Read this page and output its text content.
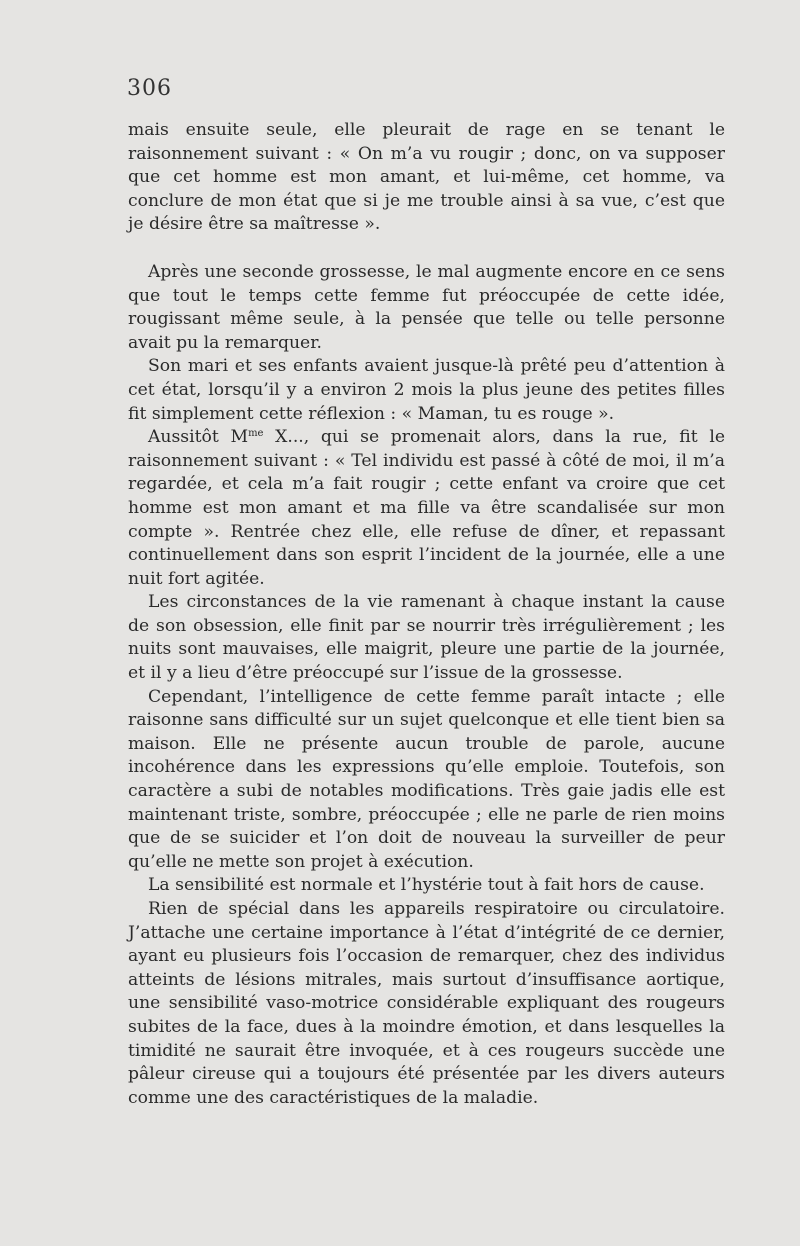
306

mais ensuite seule, elle pleurait de rage en se tenant le raisonnement suivant : « On m’a vu rougir ; donc, on va supposer que cet homme est mon amant, et lui-même, cet homme, va conclure de mon état que si je me trouble ainsi à sa vue, c’est que je désire être sa maîtresse ».

Après une seconde grossesse, le mal augmente encore en ce sens que tout le temps cette femme fut préoccupée de cette idée, rougissant même seule, à la pensée que telle ou telle personne avait pu la remarquer.

Son mari et ses enfants avaient jusque-là prêté peu d’attention à cet état, lorsqu’il y a environ 2 mois la plus jeune des petites filles fit simplement cette réflexion : « Maman, tu es rouge ».

Aussitôt $M^{me}$ X..., qui se promenait alors, dans la rue, fit le raisonnement suivant : « Tel individu est passé à côté de moi, il m’a regardée, et cela m’a fait rougir ; cette enfant va croire que cet homme est mon amant et ma fille va être scandalisée sur mon compte ». Rentrée chez elle, elle refuse de dîner, et repassant continuellement dans son esprit l’incident de la journée, elle a une nuit fort agitée.

Les circonstances de la vie ramenant à chaque instant la cause de son obsession, elle finit par se nourrir très irrégulièrement ; les nuits sont mauvaises, elle maigrit, pleure une partie de la journée, et il y a lieu d’être préoccupé sur l’issue de la grossesse.

Cependant, l’intelligence de cette femme paraît intacte ; elle raisonne sans difficulté sur un sujet quelconque et elle tient bien sa maison. Elle ne présente aucun trouble de parole, aucune incohérence dans les expressions qu’elle emploie. Toutefois, son caractère a subi de notables modifications. Très gaie jadis elle est maintenant triste, sombre, préoccupée ; elle ne parle de rien moins que de se suicider et l’on doit de nouveau la surveiller de peur qu’elle ne mette son projet à exécution.

La sensibilité est normale et l’hystérie tout à fait hors de cause.

Rien de spécial dans les appareils respiratoire ou circulatoire. J’attache une certaine importance à l’état d’intégrité de ce dernier, ayant eu plusieurs fois l’occasion de remarquer, chez des individus atteints de lésions mitrales, mais surtout d’insuffisance aortique, une sensibilité vaso-motrice considérable expliquant des rougeurs subites de la face, dues à la moindre émotion, et dans lesquelles la timidité ne saurait être invoquée, et à ces rougeurs succède une pâleur cireuse qui a toujours été présentée par les divers auteurs comme une des caractéristiques de la maladie.
